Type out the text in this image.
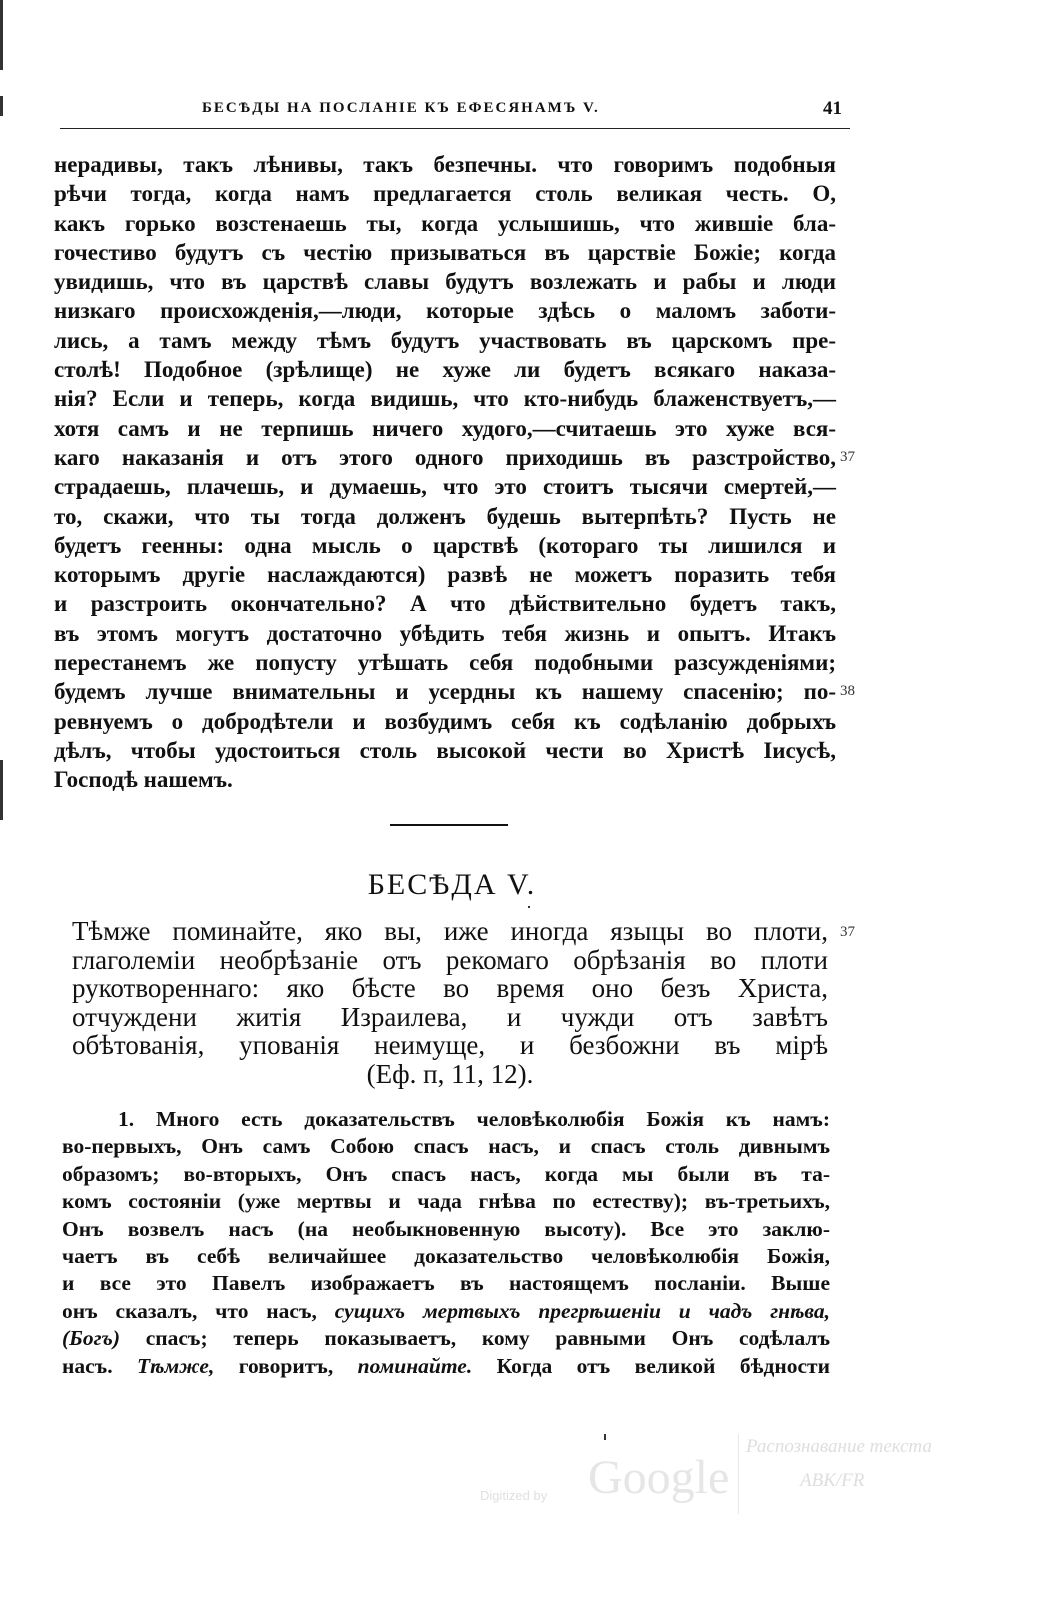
БЕСѢДЫ НА ПОСЛАНІЕ КЪ ЕФЕСЯНАМЪ V.	41
нерадивы, такъ лѣнивы, такъ безпечны. что говоримъ подобныя
рѣчи тогда, когда намъ предлагается столь великая честь. О,
какъ горько возстенаешь ты, когда услышишь, что жившіе бла-
гочестиво будутъ съ честію призываться въ царствіе Божіе; когда
увидишь, что въ царствѣ славы будутъ возлежать и рабы и люди
низкаго происхожденія,—люди, которые здѣсь о маломъ заботи-
лись, а тамъ между тѣмъ будутъ участвовать въ царскомъ пре-
столѣ! Подобное (зрѣлище) не хуже ли будетъ всякаго наказа-
нія? Если и теперь, когда видишь, что кто-нибудь блаженствуетъ,—
хотя самъ и не терпишь ничего худого,—считаешь это хуже вся-
каго наказанія и отъ этого одного приходишь въ разстройство,
страдаешь, плачешь, и думаешь, что это стоитъ тысячи смертей,—
то, скажи, что ты тогда долженъ будешь вытерпѣть? Пусть не
будетъ геенны: одна мысль о царствѣ (котораго ты лишился и
которымъ другіе наслаждаются) развѣ не можетъ поразить тебя
и разстроить окончательно? А что дѣйствительно будетъ такъ,
въ этомъ могутъ достаточно убѣдить тебя жизнь и опытъ. Итакъ
перестанемъ же попусту утѣшать себя подобными разсужденіями;
будемъ лучше внимательны и усердны къ нашему спасенію; по-
ревнуемъ о добродѣтели и возбудимъ себя къ содѣланію добрыхъ
дѣлъ, чтобы удостоиться столь высокой чести во Христѣ Іисусѣ,
Господѣ нашемъ.
БЕСѢДА V.
Тѣмже поминайте, яко вы, иже иногда языцы во плоти,
глаголеміи необрѣзаніе отъ рекомаго обрѣзанія во плоти
рукотвореннаго: яко бѣсте во время оно безъ Христа,
отчуждени житія Израилева, и чужди отъ завѣтъ
обѣтованія, упованія неимуще, и безбожни въ мірѣ
(Еф. п, 11, 12).
37
1. Много есть доказательствъ человѣколюбія Божія къ намъ:
во-первыхъ, Онъ самъ Собою спасъ насъ, и спасъ столь дивнымъ
образомъ; во-вторыхъ, Онъ спасъ насъ, когда мы были въ та-
комъ состояніи (уже мертвы и чада гнѣва по естеству); въ-третьихъ,
Онъ возвелъ насъ (на необыкновенную высоту). Все это заклю-
чаетъ въ себѣ величайшее доказательство человѣколюбія Божія,
и все это Павелъ изображаетъ въ настоящемъ посланіи. Выше
онъ сказалъ, что насъ, сущихъ мертвыхъ прегрѣшеніи и чадъ гнѣва,
(Богъ) спасъ; теперь показываетъ, кому равными Онъ содѣлалъ
насъ. Тѣмже, говоритъ, поминайте. Когда отъ великой бѣдности
Digitized by Google
Распознавание текста
ABK/FR
37
38
